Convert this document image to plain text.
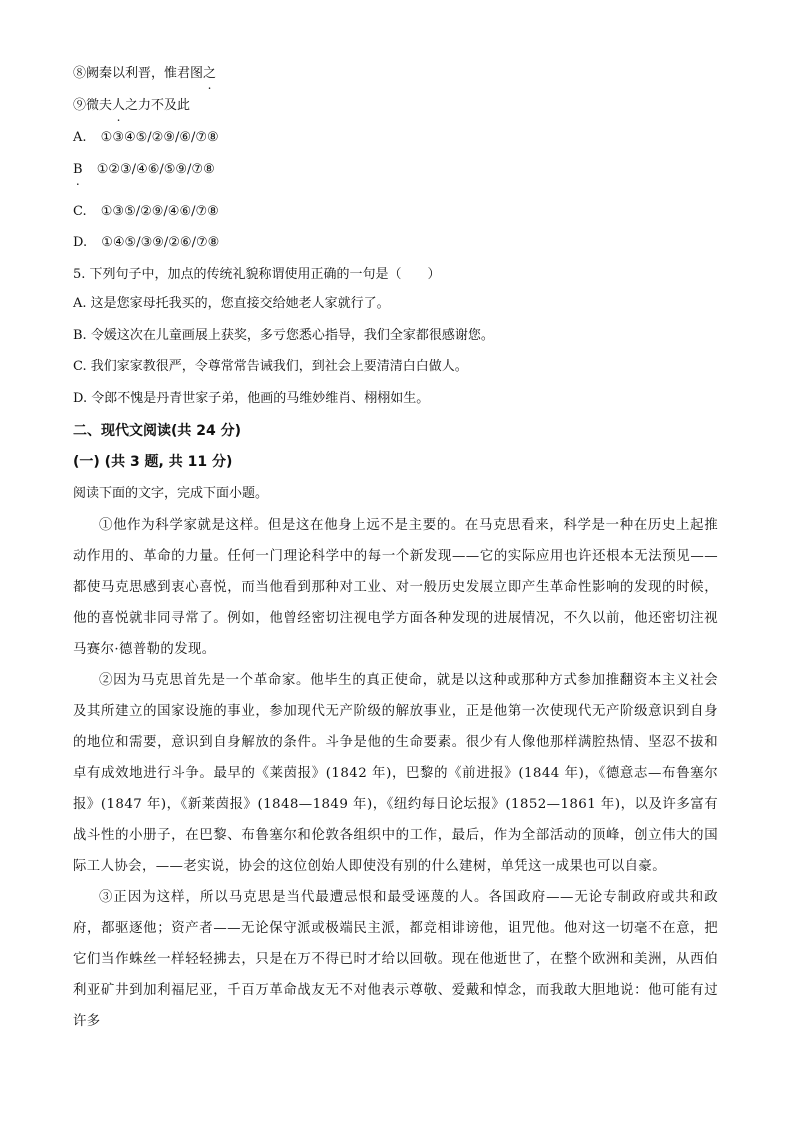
⑧阙秦以利晋，惟君图之
⑨微夫人之力不及此
A. ①③④⑤/②⑨/⑥/⑦⑧
B . ①②③/④⑥/⑤⑨/⑦⑧
C. ①③⑤/②⑨/④⑥/⑦⑧
D. ①④⑤/③⑨/②⑥/⑦⑧
5. 下列句子中，加点的传统礼貌称谓使用正确的一句是（　　）
A. 这是您家母托我买的，您直接交给她老人家就行了。
B. 令媛这次在儿童画展上获奖，多亏您悉心指导，我们全家都很感谢您。
C. 我们家家教很严，令尊常常告诫我们，到社会上要清清白白做人。
D. 令郎不愧是丹青世家子弟，他画的马维妙维肖、栩栩如生。
二、现代文阅读(共 24 分)
(一) (共 3 题, 共 11 分)
阅读下面的文字，完成下面小题。
①他作为科学家就是这样。但是这在他身上远不是主要的。在马克思看来，科学是一种在历史上起推动作用的、革命的力量。任何一门理论科学中的每一个新发现——它的实际应用也许还根本无法预见——都使马克思感到衷心喜悦，而当他看到那种对工业、对一般历史发展立即产生革命性影响的发现的时候，他的喜悦就非同寻常了。例如，他曾经密切注视电学方面各种发现的进展情况，不久以前，他还密切注视马赛尔·德普勒的发现。
②因为马克思首先是一个革命家。他毕生的真正使命，就是以这种或那种方式参加推翻资本主义社会及其所建立的国家设施的事业，参加现代无产阶级的解放事业，正是他第一次使现代无产阶级意识到自身的地位和需要，意识到自身解放的条件。斗争是他的生命要素。很少有人像他那样满腔热情、坚忍不拔和卓有成效地进行斗争。最早的《莱茵报》(1842 年)，巴黎的《前进报》(1844 年)，《德意志—布鲁塞尔报》(1847 年)，《新莱茵报》(1848—1849 年)，《纽约每日论坛报》(1852—1861 年)，以及许多富有战斗性的小册子，在巴黎、布鲁塞尔和伦敦各组织中的工作，最后，作为全部活动的顶峰，创立伟大的国际工人协会，——老实说，协会的这位创始人即使没有别的什么建树，单凭这一成果也可以自豪。
③正因为这样，所以马克思是当代最遭忌恨和最受诬蔑的人。各国政府——无论专制政府或共和政府，都驱逐他；资产者——无论保守派或极端民主派，都竞相诽谤他，诅咒他。他对这一切毫不在意，把它们当作蛛丝一样轻轻拂去，只是在万不得已时才给以回敬。现在他逝世了，在整个欧洲和美洲，从西伯利亚矿井到加利福尼亚，千百万革命战友无不对他表示尊敬、爱戴和悼念，而我敢大胆地说：他可能有过许多
